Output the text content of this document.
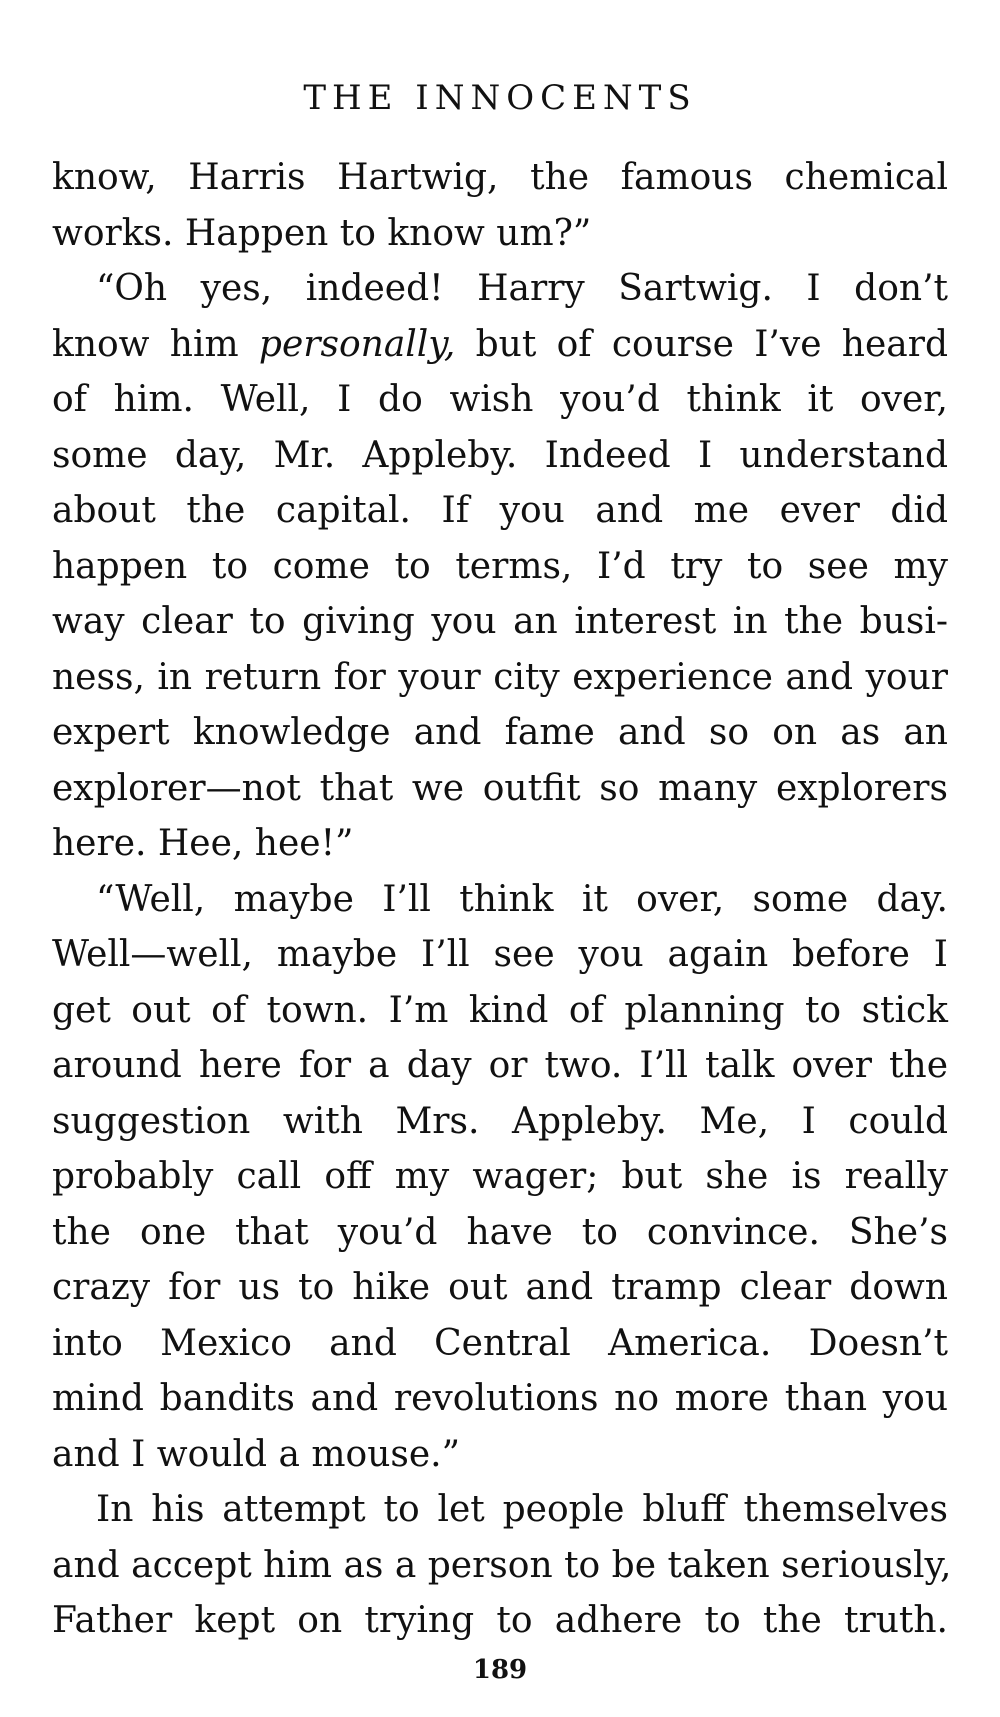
THE INNOCENTS
know, Harris Hartwig, the famous chemical
works. Happen to know um?”
“Oh yes, indeed! Harry Sartwig. I don’t
know him personally, but of course I’ve heard
of him. Well, I do wish you’d think it over,
some day, Mr. Appleby. Indeed I understand
about the capital. If you and me ever did
happen to come to terms, I’d try to see my
way clear to giving you an interest in the busi-
ness, in return for your city experience and your
expert knowledge and fame and so on as an
explorer—not that we outfit so many explorers
here. Hee, hee!”
“Well, maybe I’ll think it over, some day.
Well—well, maybe I’ll see you again before I
get out of town. I’m kind of planning to stick
around here for a day or two. I’ll talk over the
suggestion with Mrs. Appleby. Me, I could
probably call off my wager; but she is really
the one that you’d have to convince. She’s
crazy for us to hike out and tramp clear down
into Mexico and Central America. Doesn’t
mind bandits and revolutions no more than you
and I would a mouse.”
In his attempt to let people bluff themselves
and accept him as a person to be taken seriously,
Father kept on trying to adhere to the truth.
189
